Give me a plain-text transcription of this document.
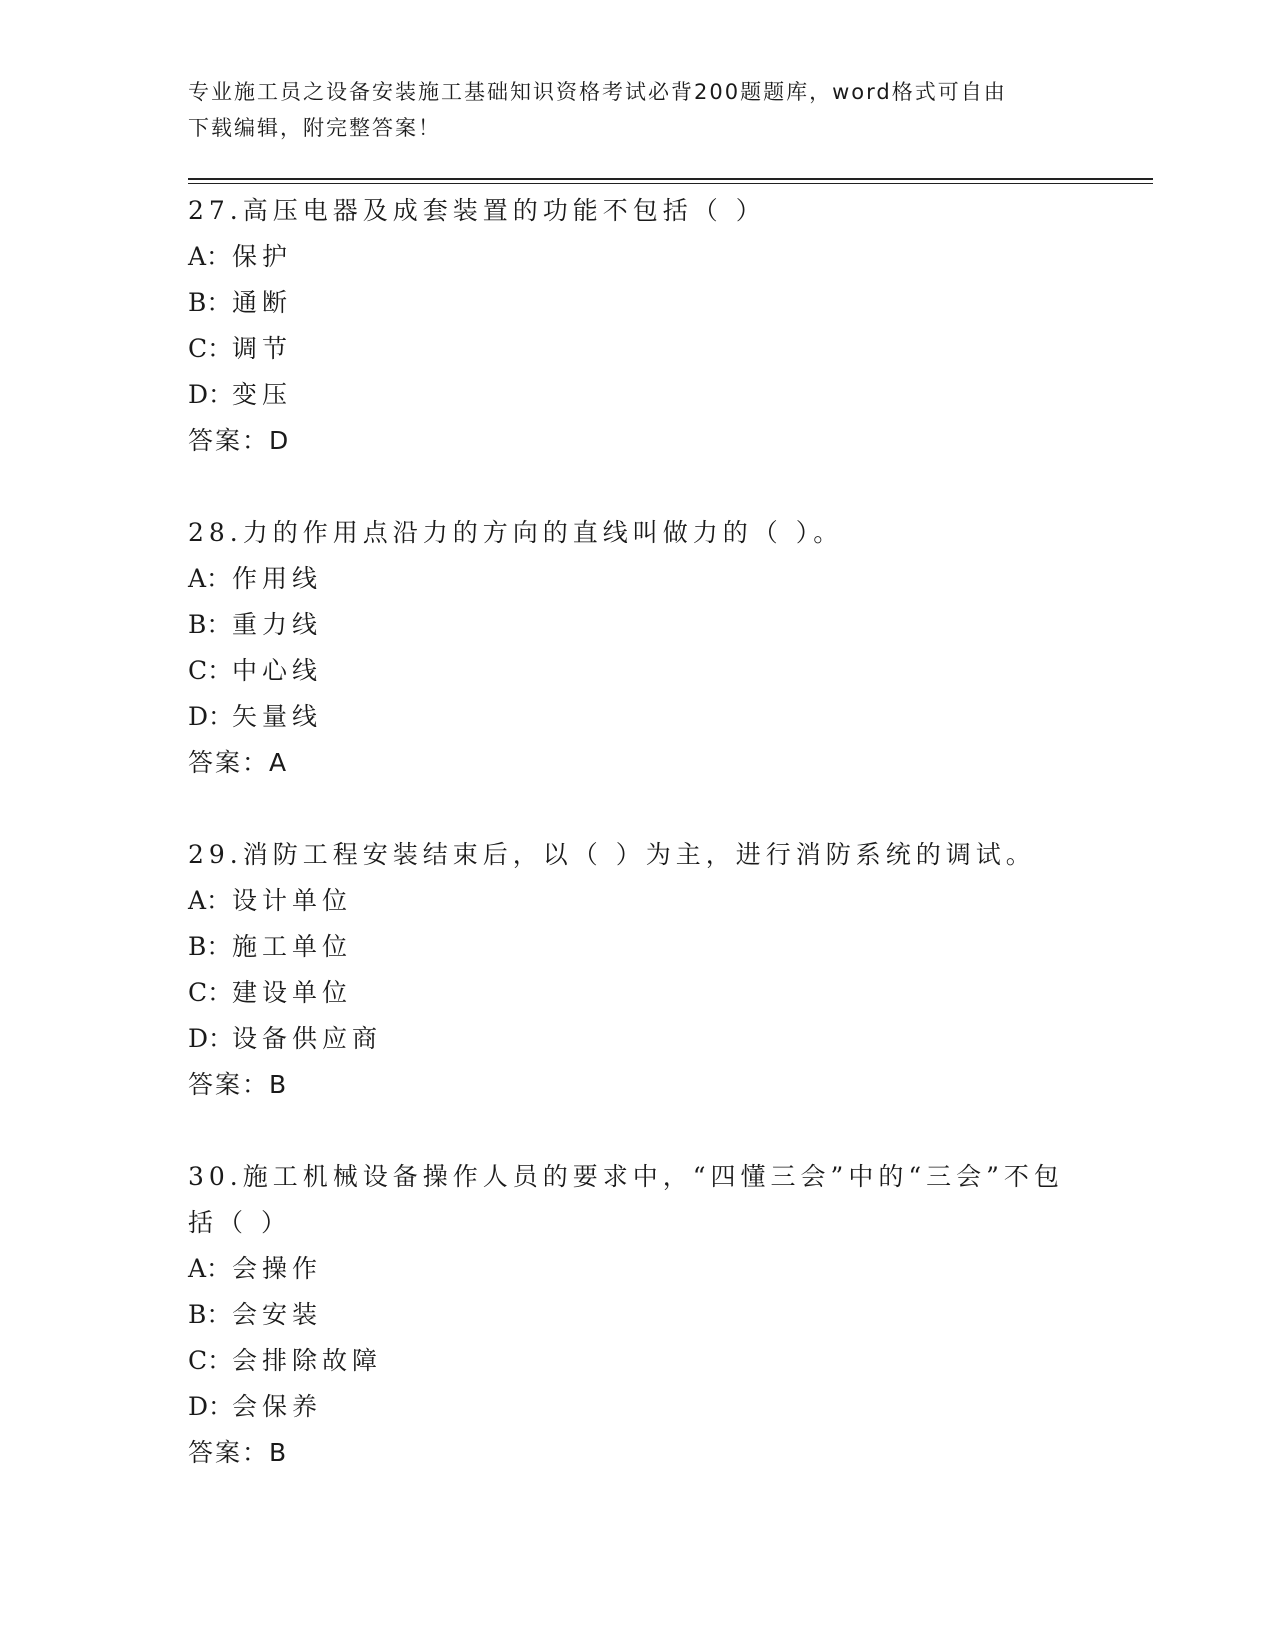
专业施工员之设备安装施工基础知识资格考试必背200题题库，word格式可自由
下载编辑，附完整答案！
27.高压电器及成套装置的功能不包括（ ）
A：保护
B：通断
C：调节
D：变压
答案：D
28.力的作用点沿力的方向的直线叫做力的（ ）。
A：作用线
B：重力线
C：中心线
D：矢量线
答案：A
29.消防工程安装结束后，以（ ）为主，进行消防系统的调试。
A：设计单位
B：施工单位
C：建设单位
D：设备供应商
答案：B
30.施工机械设备操作人员的要求中，“四懂三会”中的“三会”不包括（ ）
A：会操作
B：会安装
C：会排除故障
D：会保养
答案：B
